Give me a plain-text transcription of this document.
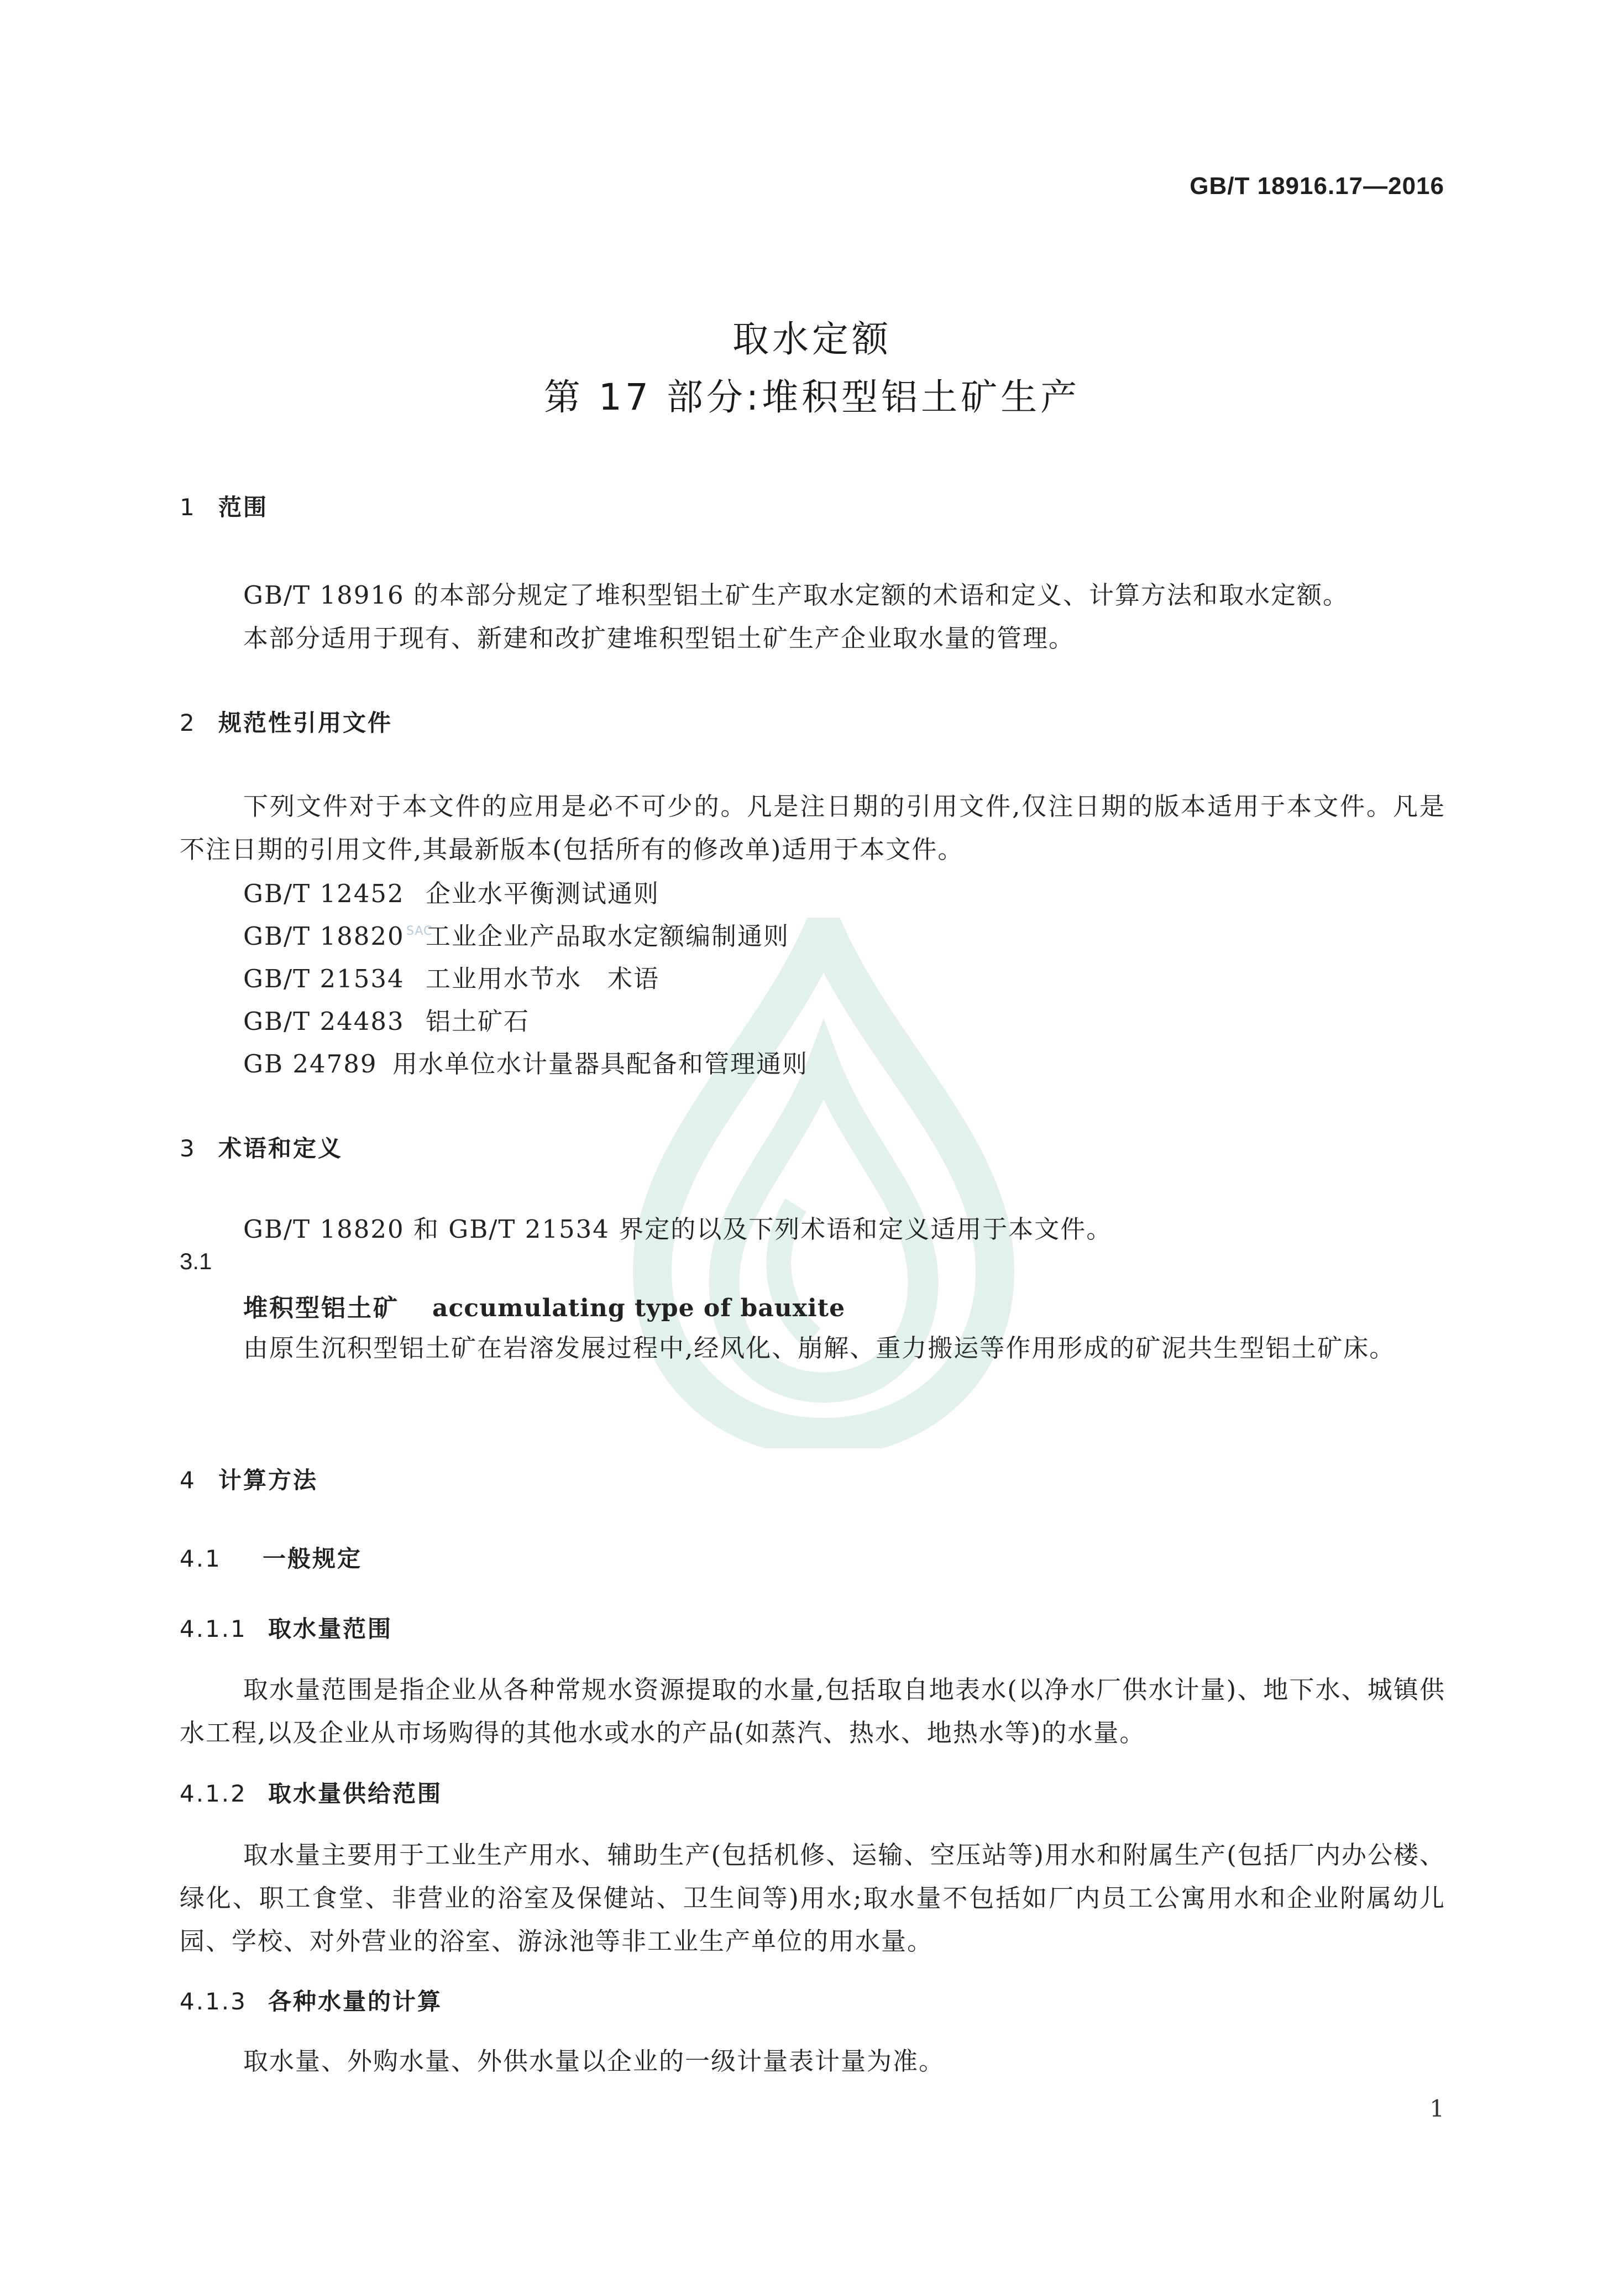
SAC
GB/T 18916.17—2016
取水定额
第 17 部分:堆积型铝土矿生产
1 范围

GB/T 18916 的本部分规定了堆积型铝土矿生产取水定额的术语和定义、计算方法和取水定额。

本部分适用于现有、新建和改扩建堆积型铝土矿生产企业取水量的管理。

2 规范性引用文件

下列文件对于本文件的应用是必不可少的。凡是注日期的引用文件,仅注日期的版本适用于本文件。凡是不注日期的引用文件,其最新版本(包括所有的修改单)适用于本文件。

GB/T 12452 企业水平衡测试通则

GB/T 18820 工业企业产品取水定额编制通则

GB/T 21534 工业用水节水　术语

GB/T 24483 铝土矿石

GB 24789 用水单位水计量器具配备和管理通则

3 术语和定义

GB/T 18820 和 GB/T 21534 界定的以及下列术语和定义适用于本文件。

3.1

堆积型铝土矿 accumulating type of bauxite

由原生沉积型铝土矿在岩溶发展过程中,经风化、崩解、重力搬运等作用形成的矿泥共生型铝土矿床。

4 计算方法
4.1 一般规定
4.1.1 取水量范围

取水量范围是指企业从各种常规水资源提取的水量,包括取自地表水(以净水厂供水计量)、地下水、城镇供水工程,以及企业从市场购得的其他水或水的产品(如蒸汽、热水、地热水等)的水量。

4.1.2 取水量供给范围

取水量主要用于工业生产用水、辅助生产(包括机修、运输、空压站等)用水和附属生产(包括厂内办公楼、绿化、职工食堂、非营业的浴室及保健站、卫生间等)用水;取水量不包括如厂内员工公寓用水和企业附属幼儿园、学校、对外营业的浴室、游泳池等非工业生产单位的用水量。

4.1.3 各种水量的计算

取水量、外购水量、外供水量以企业的一级计量表计量为准。

1
